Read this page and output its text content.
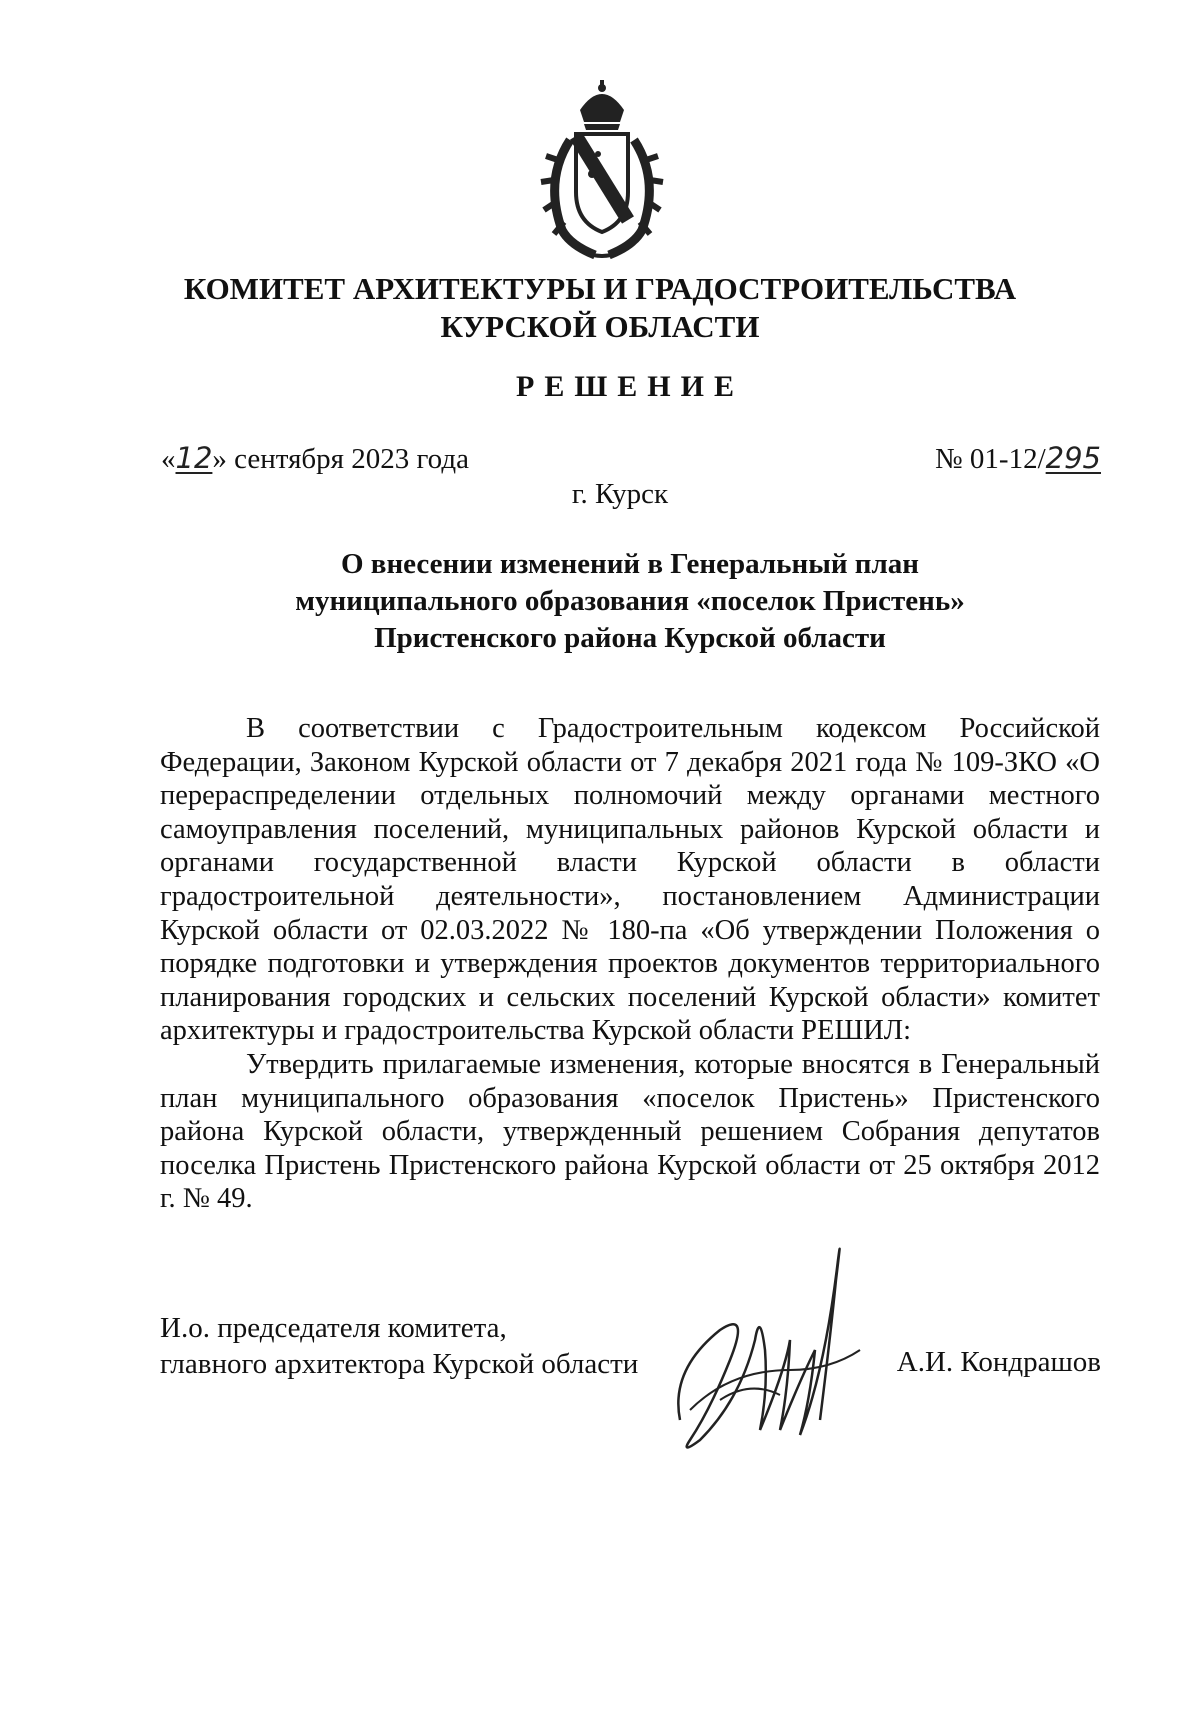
КОМИТЕТ АРХИТЕКТУРЫ И ГРАДОСТРОИТЕЛЬСТВА
КУРСКОЙ ОБЛАСТИ
РЕШЕНИЕ
«12» сентября 2023 года	№ 01-12/295
г. Курск
О внесении изменений в Генеральный план
муниципального образования «поселок Пристень»
Пристенского района Курской области

В соответствии с Градостроительным кодексом Российской Федерации, Законом Курской области от 7 декабря 2021 года № 109-ЗКО «О перераспределении отдельных полномочий между органами местного самоуправления поселений, муниципальных районов Курской области и органами государственной власти Курской области в области градостроительной деятельности», постановлением Администрации Курской области от 02.03.2022 № 180-па «Об утверждении Положения о порядке подготовки и утверждения проектов документов территориального планирования городских и сельских поселений Курской области» комитет архитектуры и градостроительства Курской области РЕШИЛ:

Утвердить прилагаемые изменения, которые вносятся в Генеральный план муниципального образования «поселок Пристень» Пристенского района Курской области, утвержденный решением Собрания депутатов поселка Пристень Пристенского района Курской области от 25 октября 2012 г. № 49.

И.о. председателя комитета,
главного архитектора Курской области	А.И. Кондрашов
